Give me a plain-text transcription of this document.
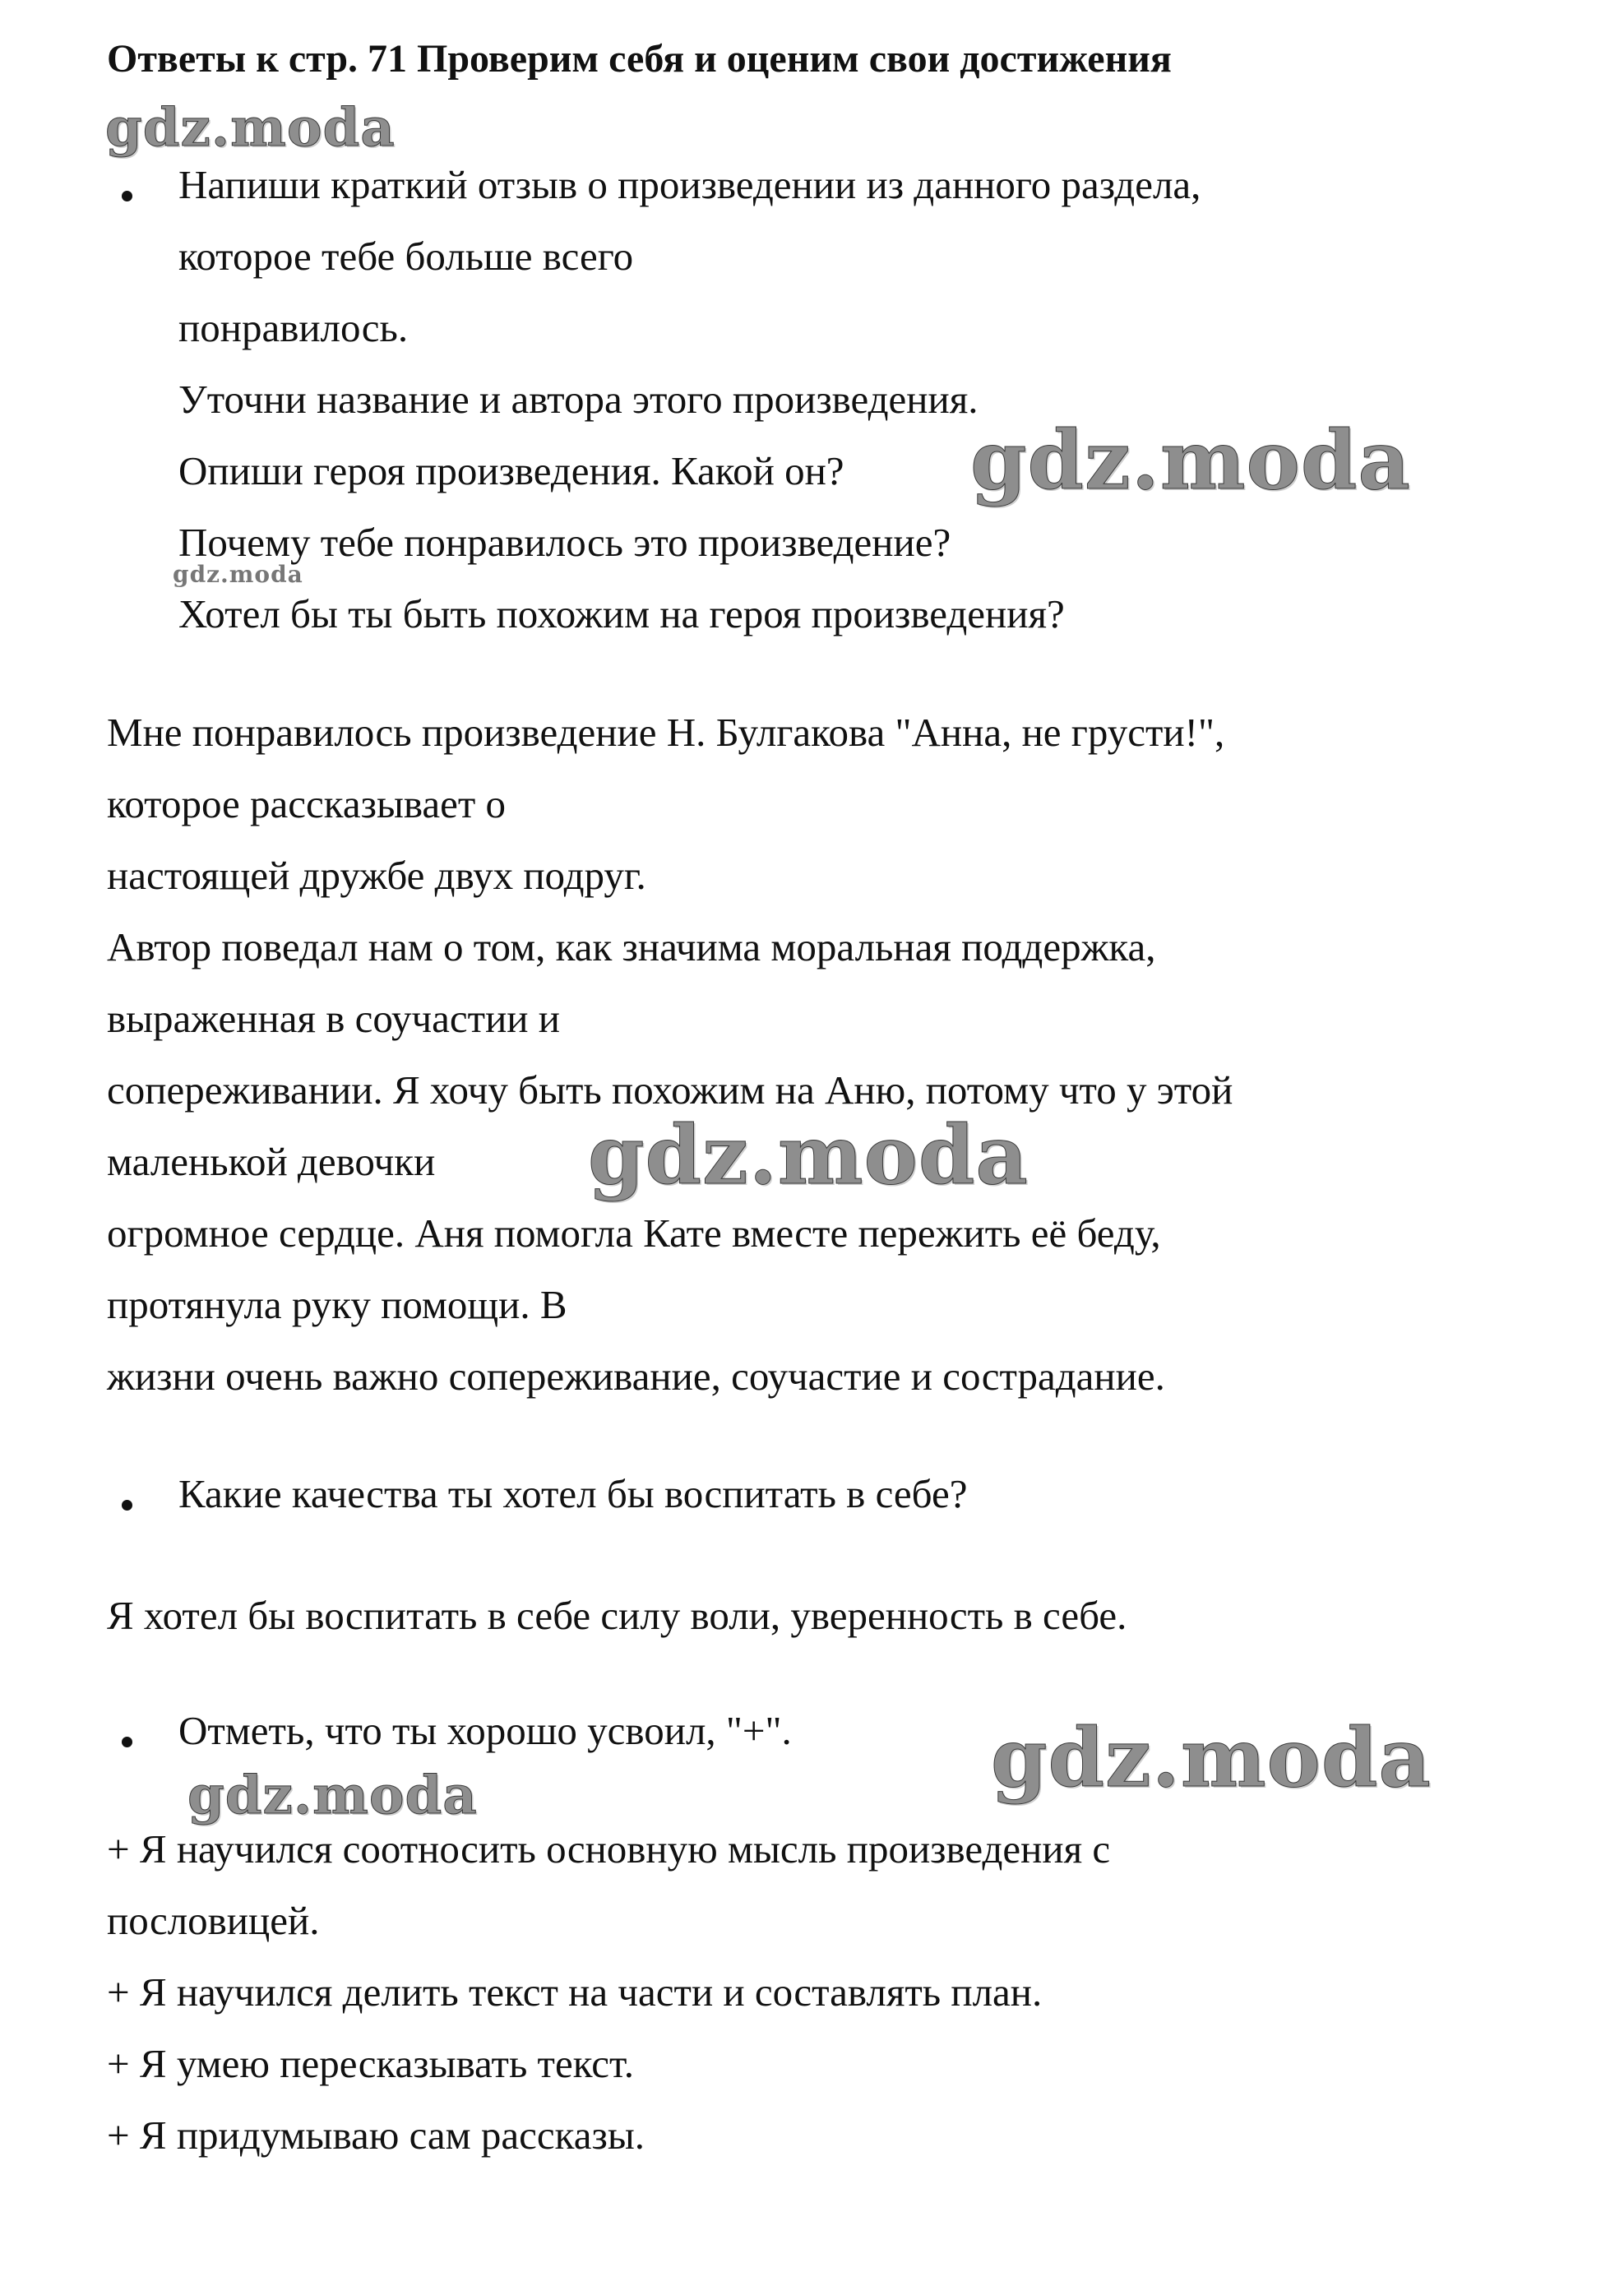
Ответы к стр. 71 Проверим себя и оценим свои достижения
gdz.moda
gdz.moda
gdz.moda
gdz.moda
gdz.moda
gdz.moda
Напиши краткий отзыв о произведении из данного раздела,
которое тебе больше всего
понравилось.
Уточни название и автора этого произведения.
Опиши героя произведения. Какой он?
Почему тебе понравилось это произведение?
Хотел бы ты быть похожим на героя произведения?
Мне понравилось произведение Н. Булгакова "Анна, не грусти!",
которое рассказывает о
настоящей дружбе двух подруг.
Автор поведал нам о том, как значима моральная поддержка,
выраженная в соучастии и
сопереживании. Я хочу быть похожим на Аню, потому что у этой
маленькой девочки
огромное сердце. Аня помогла Кате вместе пережить её беду,
протянула руку помощи. В
жизни очень важно сопереживание, соучастие и сострадание.
Какие качества ты хотел бы воспитать в себе?
Я хотел бы воспитать в себе силу воли, уверенность в себе.
Отметь, что ты хорошо усвоил, "+".
+ Я научился соотносить основную мысль произведения с
пословицей.
+ Я научился делить текст на части и составлять план.
+ Я умею пересказывать текст.
+ Я придумываю сам рассказы.
